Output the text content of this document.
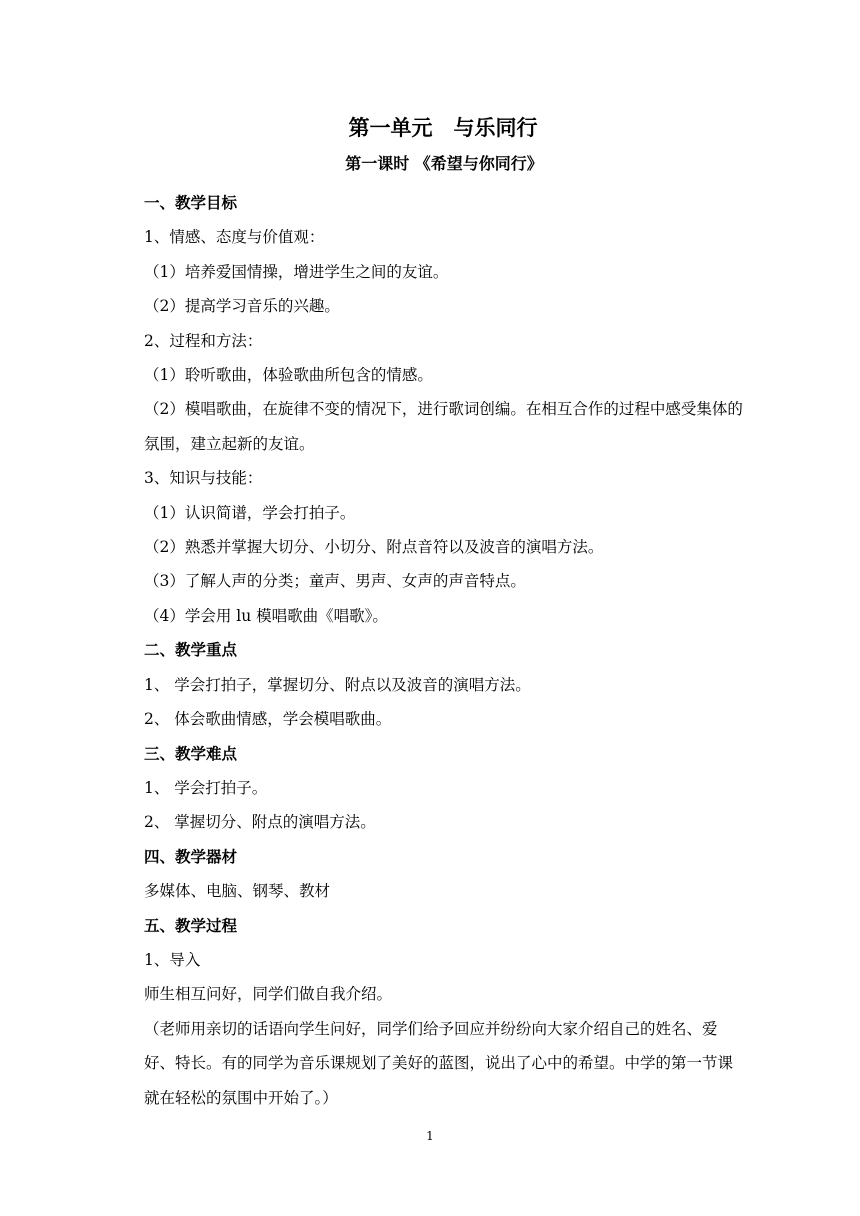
第一单元　与乐同行
第一课时 《希望与你同行》
一、教学目标
1、情感、态度与价值观：
（1）培养爱国情操，增进学生之间的友谊。
（2）提高学习音乐的兴趣。
2、过程和方法：
（1）聆听歌曲，体验歌曲所包含的情感。
（2）模唱歌曲，在旋律不变的情况下，进行歌词创编。在相互合作的过程中感受集体的氛围，建立起新的友谊。
3、知识与技能：
（1）认识简谱，学会打拍子。
（2）熟悉并掌握大切分、小切分、附点音符以及波音的演唱方法。
（3）了解人声的分类；童声、男声、女声的声音特点。
（4）学会用 lu 模唱歌曲《唱歌》。
二、教学重点
1、 学会打拍子，掌握切分、附点以及波音的演唱方法。
2、 体会歌曲情感，学会模唱歌曲。
三、教学难点
1、 学会打拍子。
2、 掌握切分、附点的演唱方法。
四、教学器材
多媒体、电脑、钢琴、教材
五、教学过程
1、导入
师生相互问好，同学们做自我介绍。
（老师用亲切的话语向学生问好，同学们给予回应并纷纷向大家介绍自己的姓名、爱好、特长。有的同学为音乐课规划了美好的蓝图，说出了心中的希望。中学的第一节课就在轻松的氛围中开始了。）
1
